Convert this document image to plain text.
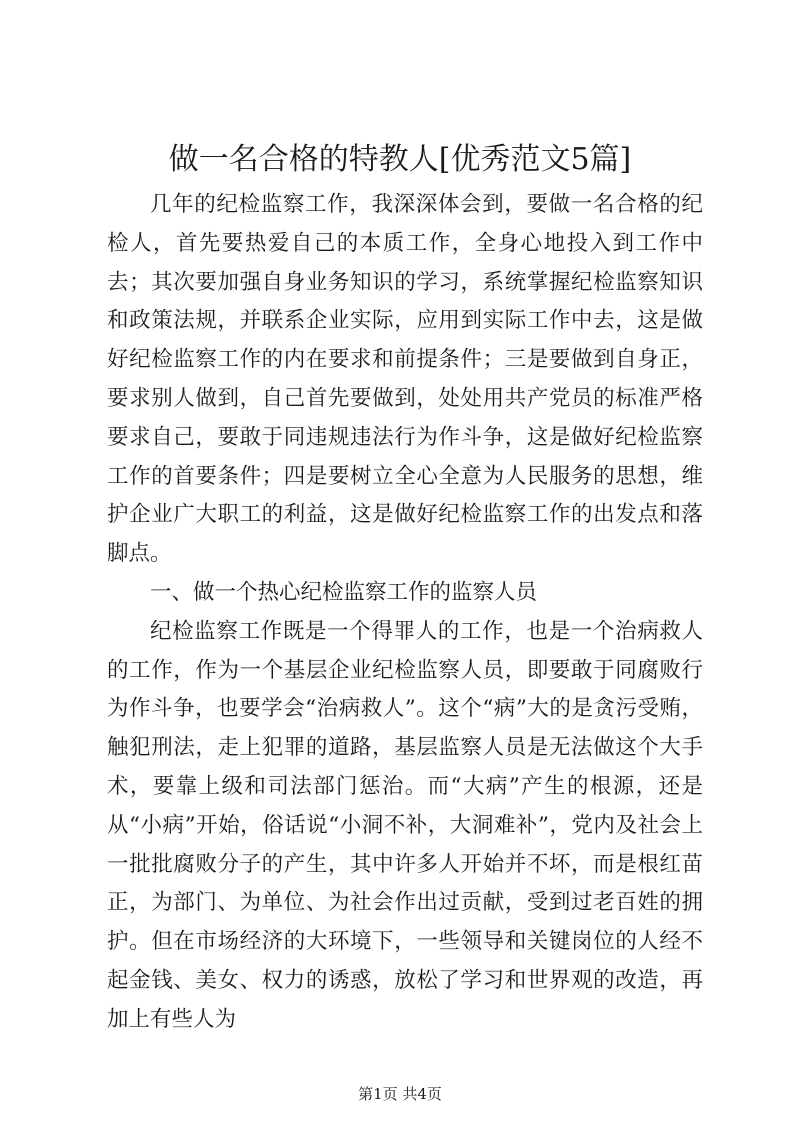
做一名合格的特教人[优秀范文5篇]

几年的纪检监察工作，我深深体会到，要做一名合格的纪检人，首先要热爱自己的本质工作，全身心地投入到工作中去；其次要加强自身业务知识的学习，系统掌握纪检监察知识和政策法规，并联系企业实际，应用到实际工作中去，这是做好纪检监察工作的内在要求和前提条件；三是要做到自身正，要求别人做到，自己首先要做到，处处用共产党员的标准严格要求自己，要敢于同违规违法行为作斗争，这是做好纪检监察工作的首要条件；四是要树立全心全意为人民服务的思想，维护企业广大职工的利益，这是做好纪检监察工作的出发点和落脚点。

一、做一个热心纪检监察工作的监察人员

纪检监察工作既是一个得罪人的工作，也是一个治病救人的工作，作为一个基层企业纪检监察人员，即要敢于同腐败行为作斗争，也要学会“治病救人”。这个“病”大的是贪污受贿，触犯刑法，走上犯罪的道路，基层监察人员是无法做这个大手术，要靠上级和司法部门惩治。而“大病”产生的根源，还是从“小病”开始，俗话说“小洞不补，大洞难补”，党内及社会上一批批腐败分子的产生，其中许多人开始并不坏，而是根红苗正，为部门、为单位、为社会作出过贡献，受到过老百姓的拥护。但在市场经济的大环境下，一些领导和关键岗位的人经不起金钱、美女、权力的诱惑，放松了学习和世界观的改造，再加上有些人为

第1页 共4页
